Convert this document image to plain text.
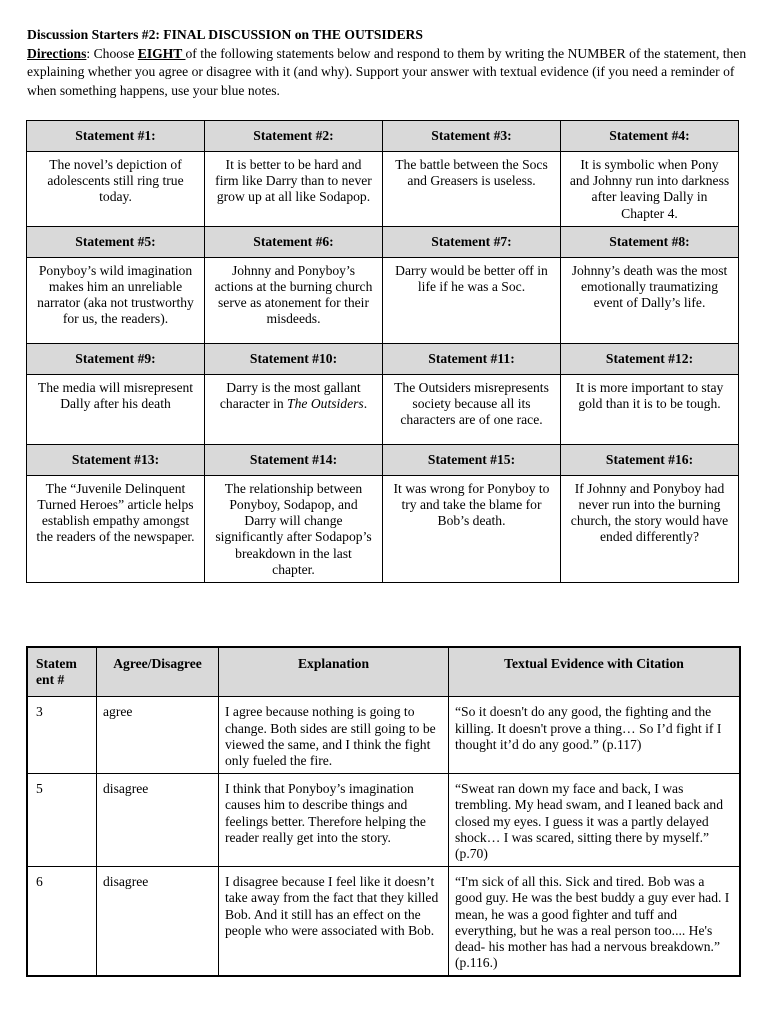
Discussion Starters #2: FINAL DISCUSSION on THE OUTSIDERS
Directions: Choose EIGHT of the following statements below and respond to them by writing the NUMBER of the statement, then explaining whether you agree or disagree with it (and why). Support your answer with textual evidence (if you need a reminder of when something happens, use your blue notes.
Statement #1:	Statement #2:	Statement #3:	Statement #4:
The novel’s depiction of adolescents still ring true today.	It is better to be hard and firm like Darry than to never grow up at all like Sodapop.	The battle between the Socs and Greasers is useless.	It is symbolic when Pony and Johnny run into darkness after leaving Dally in Chapter 4.
Statement #5:	Statement #6:	Statement #7:	Statement #8:
Ponyboy’s wild imagination makes him an unreliable narrator (aka not trustworthy for us, the readers).	Johnny and Ponyboy’s actions at the burning church serve as atonement for their misdeeds.	Darry would be better off in life if he was a Soc.	Johnny’s death was the most emotionally traumatizing event of Dally’s life.
Statement #9:	Statement #10:	Statement #11:	Statement #12:
The media will misrepresent Dally after his death	Darry is the most gallant character in The Outsiders.	The Outsiders misrepresents society because all its characters are of one race.	It is more important to stay gold than it is to be tough.
Statement #13:	Statement #14:	Statement #15:	Statement #16:
The “Juvenile Delinquent Turned Heroes” article helps establish empathy amongst the readers of the newspaper.	The relationship between Ponyboy, Sodapop, and Darry will change significantly after Sodapop’s breakdown in the last chapter.	It was wrong for Ponyboy to try and take the blame for Bob’s death.	If Johnny and Ponyboy had never run into the burning church, the story would have ended differently?
Statem ent #	Agree/Disagree	Explanation	Textual Evidence with Citation
3	agree	I agree because nothing is going to change. Both sides are still going to be viewed the same, and I think the fight only fueled the fire.	“So it doesn't do any good, the fighting and the killing. It doesn't prove a thing… So I’d fight if I thought it’d do any good.” (p.117)
5	disagree	I think that Ponyboy’s imagination causes him to describe things and feelings better. Therefore helping the reader really get into the story.	“Sweat ran down my face and back, I was trembling. My head swam, and I leaned back and closed my eyes. I guess it was a partly delayed shock… I was scared, sitting there by myself.” (p.70)
6	disagree	I disagree because I feel like it doesn’t take away from the fact that they killed Bob. And it still has an effect on the people who were associated with Bob.	“I'm sick of all this. Sick and tired. Bob was a good guy. He was the best buddy a guy ever had. I mean, he was a good fighter and tuff and everything, but he was a real person too.... He's dead- his mother has had a nervous breakdown.” (p.116.)
